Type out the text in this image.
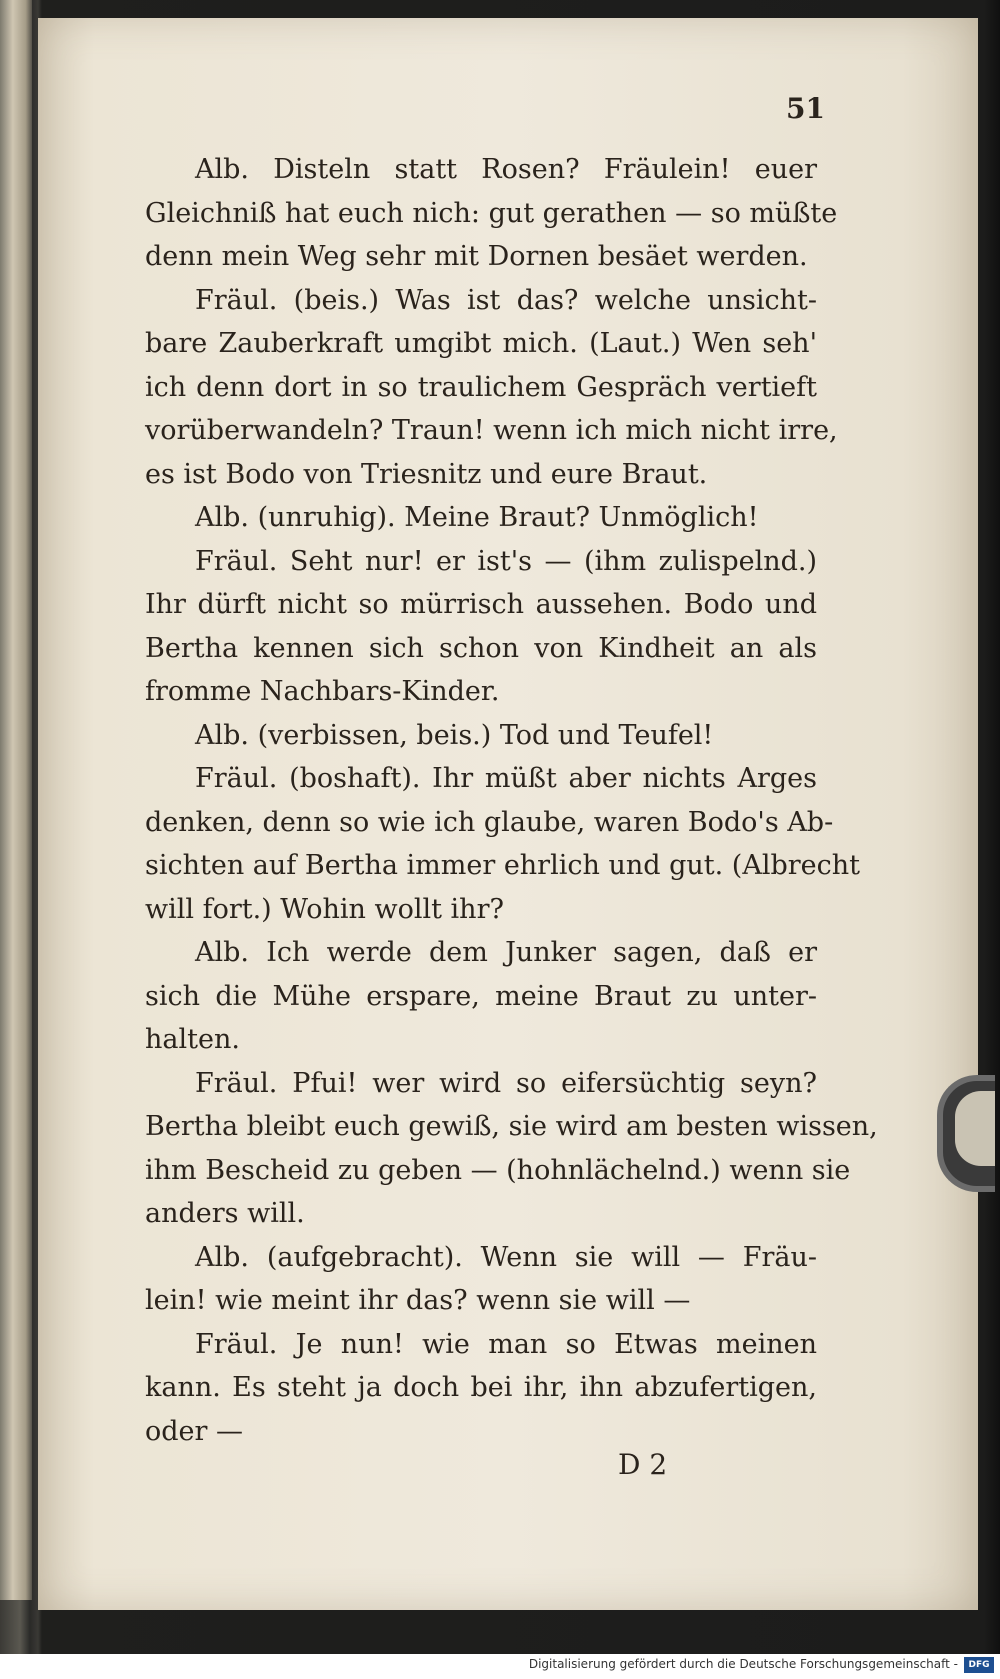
51
Alb. Disteln statt Rosen? Fräulein! euer
Gleichniß hat euch nich: gut gerathen — so müßte
denn mein Weg sehr mit Dornen besäet werden.
Fräul. (beis.) Was ist das? welche unsicht-
bare Zauberkraft umgibt mich. (Laut.) Wen seh'
ich denn dort in so traulichem Gespräch vertieft
vorüberwandeln? Traun! wenn ich mich nicht irre,
es ist Bodo von Triesnitz und eure Braut.
Alb. (unruhig). Meine Braut? Unmöglich!
Fräul. Seht nur! er ist's — (ihm zulispelnd.)
Ihr dürft nicht so mürrisch aussehen. Bodo und
Bertha kennen sich schon von Kindheit an als
fromme Nachbars-Kinder.
Alb. (verbissen, beis.) Tod und Teufel!
Fräul. (boshaft). Ihr müßt aber nichts Arges
denken, denn so wie ich glaube, waren Bodo's Ab-
sichten auf Bertha immer ehrlich und gut. (Albrecht
will fort.) Wohin wollt ihr?
Alb. Ich werde dem Junker sagen, daß er
sich die Mühe erspare, meine Braut zu unter-
halten.
Fräul. Pfui! wer wird so eifersüchtig seyn?
Bertha bleibt euch gewiß, sie wird am besten wissen,
ihm Bescheid zu geben — (hohnlächelnd.) wenn sie
anders will.
Alb. (aufgebracht). Wenn sie will — Fräu-
lein! wie meint ihr das? wenn sie will —
Fräul. Je nun! wie man so Etwas meinen
kann. Es steht ja doch bei ihr, ihn abzufertigen,
oder —
D 2
Digitalisierung gefördert durch die Deutsche Forschungsgemeinschaft -	DFG
